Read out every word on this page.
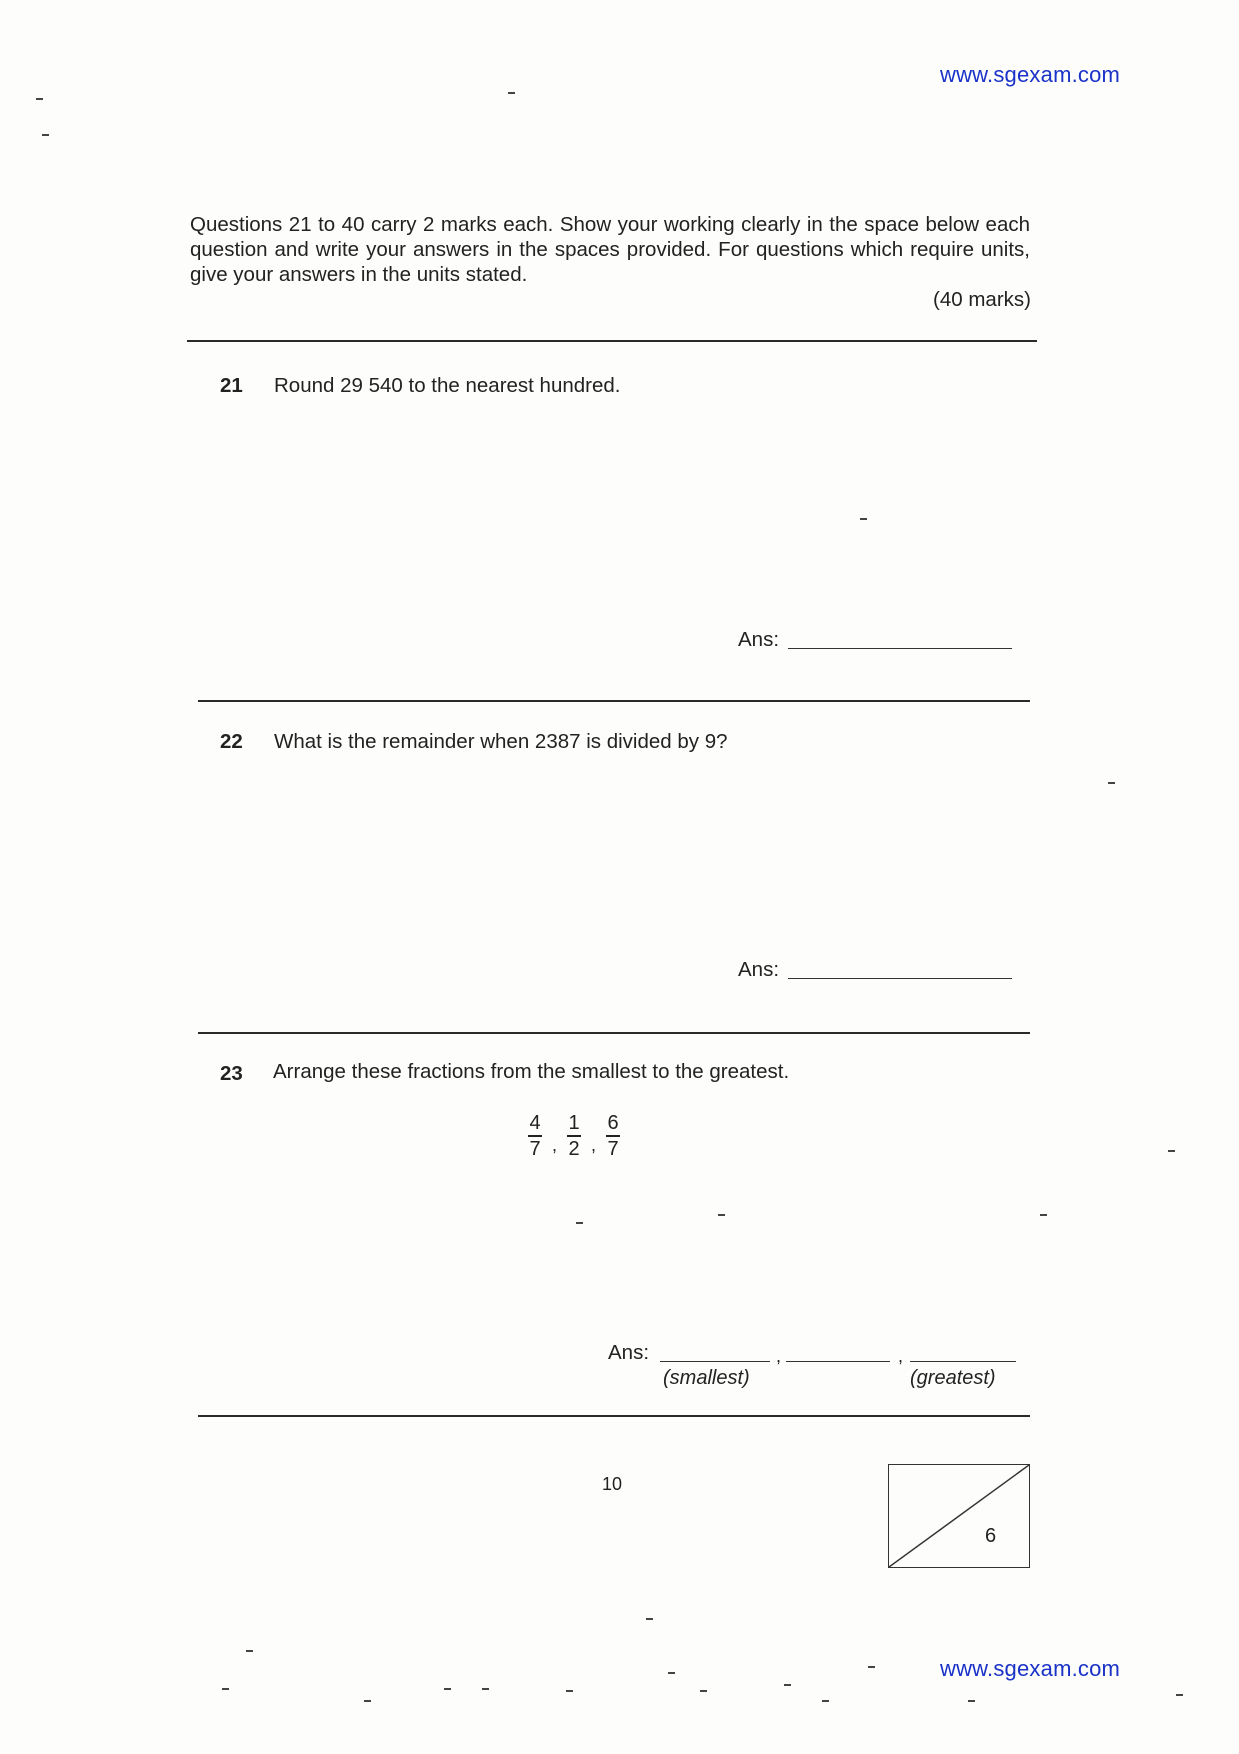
www.sgexam.com
Questions 21 to 40 carry 2 marks each. Show your working clearly in the space below each question and write your answers in the spaces provided. For questions which require units, give your answers in the units stated.
(40 marks)
21 Round 29 540 to the nearest hundred.
Ans:
22 What is the remainder when 2387 is divided by 9?
Ans:
23 Arrange these fractions from the smallest to the greatest.
$\frac{4}{7}$ , $\frac{1}{2}$ , $\frac{6}{7}$
Ans:	,	,
(smallest)	(greatest)
10
6
www.sgexam.com
